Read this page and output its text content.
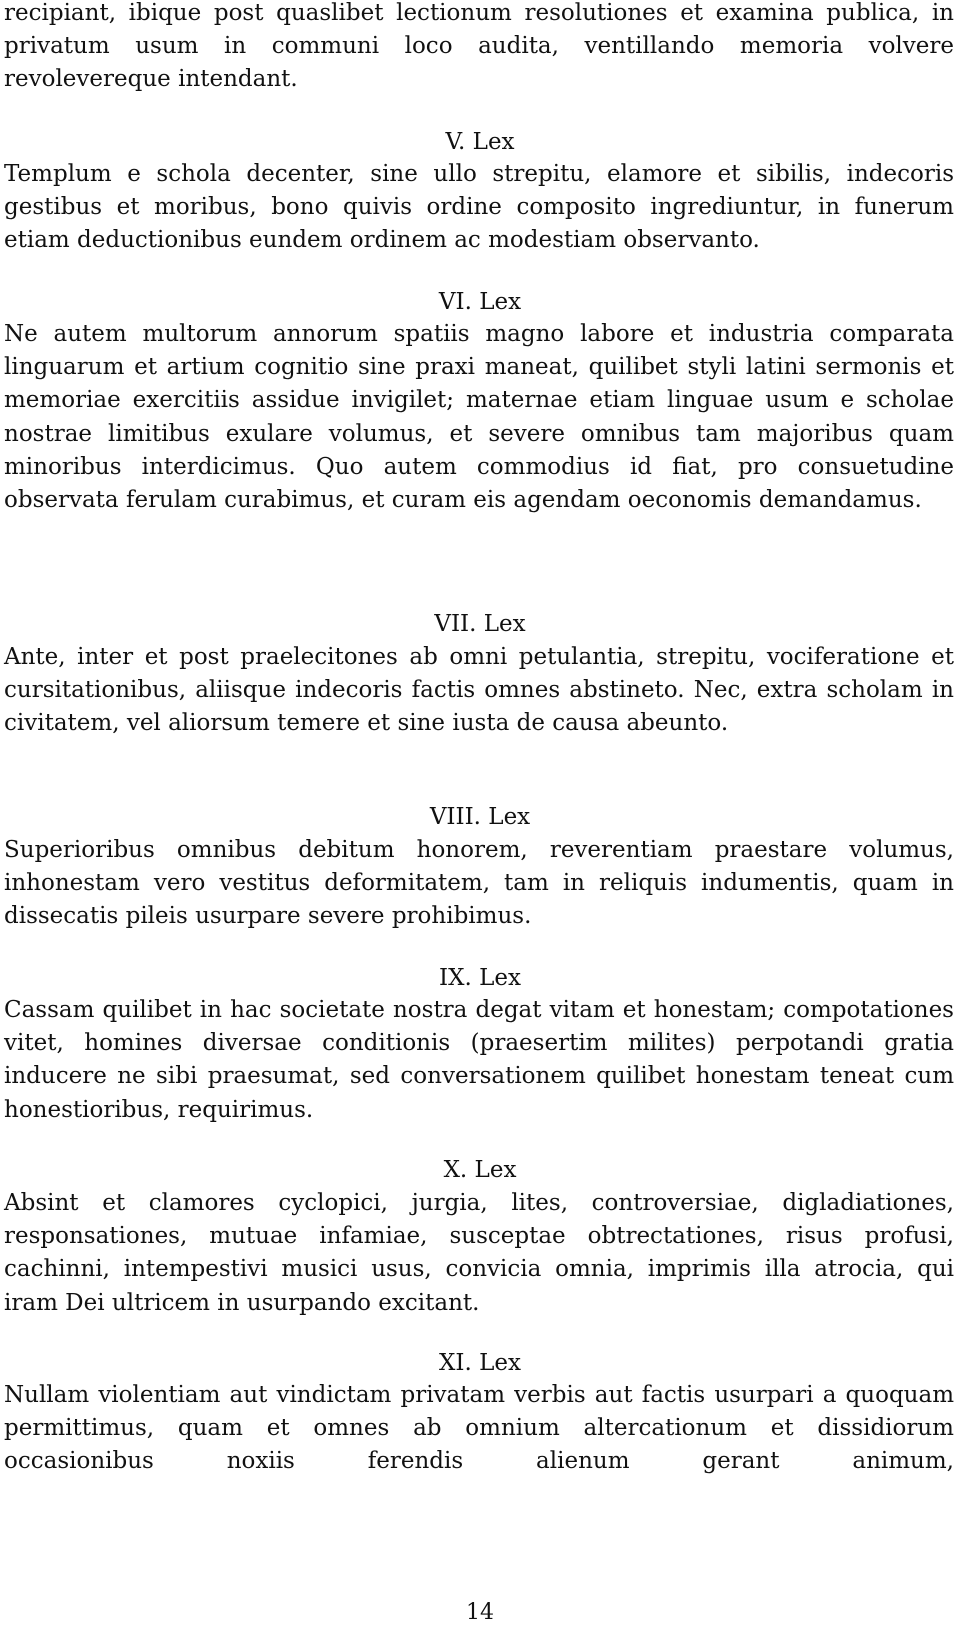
recipiant, ibique post quaslibet lectionum resolutiones et examina publica, in privatum usum in communi loco audita, ventillando memoria volvere revolevereque intendant.

V. Lex

Templum e schola decenter, sine ullo strepitu, elamore et sibilis, indecoris gestibus et moribus, bono quivis ordine composito ingrediuntur, in funerum etiam deductionibus eundem ordinem ac modestiam observanto.

VI. Lex

Ne autem multorum annorum spatiis magno labore et industria comparata linguarum et artium cognitio sine praxi maneat, quilibet styli latini sermonis et memoriae exercitiis assidue invigilet; maternae etiam linguae usum e scholae nostrae limitibus exulare volumus, et severe omnibus tam majoribus quam minoribus interdicimus. Quo autem commodius id fiat, pro consuetudine observata ferulam curabimus, et curam eis agendam oeconomis demandamus.

VII. Lex

Ante, inter et post praelecitones ab omni petulantia, strepitu, vociferatione et cursitationibus, aliisque indecoris factis omnes abstineto. Nec, extra scholam in civitatem, vel aliorsum temere et sine iusta de causa abeunto.

VIII. Lex

Superioribus omnibus debitum honorem, reverentiam praestare volumus, inhonestam vero vestitus deformitatem, tam in reliquis indumentis, quam in dissecatis pileis usurpare severe prohibimus.

IX. Lex

Cassam quilibet in hac societate nostra degat vitam et honestam; compotationes vitet, homines diversae conditionis (praesertim milites) perpotandi gratia inducere ne sibi praesumat, sed conversationem quilibet honestam teneat cum honestioribus, requirimus.

X. Lex

Absint et clamores cyclopici, jurgia, lites, controversiae, digladiationes, responsationes, mutuae infamiae, susceptae obtrectationes, risus profusi, cachinni, intempestivi musici usus, convicia omnia, imprimis illa atrocia, qui iram Dei ultricem in usurpando excitant.

XI. Lex

Nullam violentiam aut vindictam privatam verbis aut factis usurpari a quoquam permittimus, quam et omnes ab omnium altercationum et dissidiorum occasionibus noxiis ferendis alienum gerant animum,

14
